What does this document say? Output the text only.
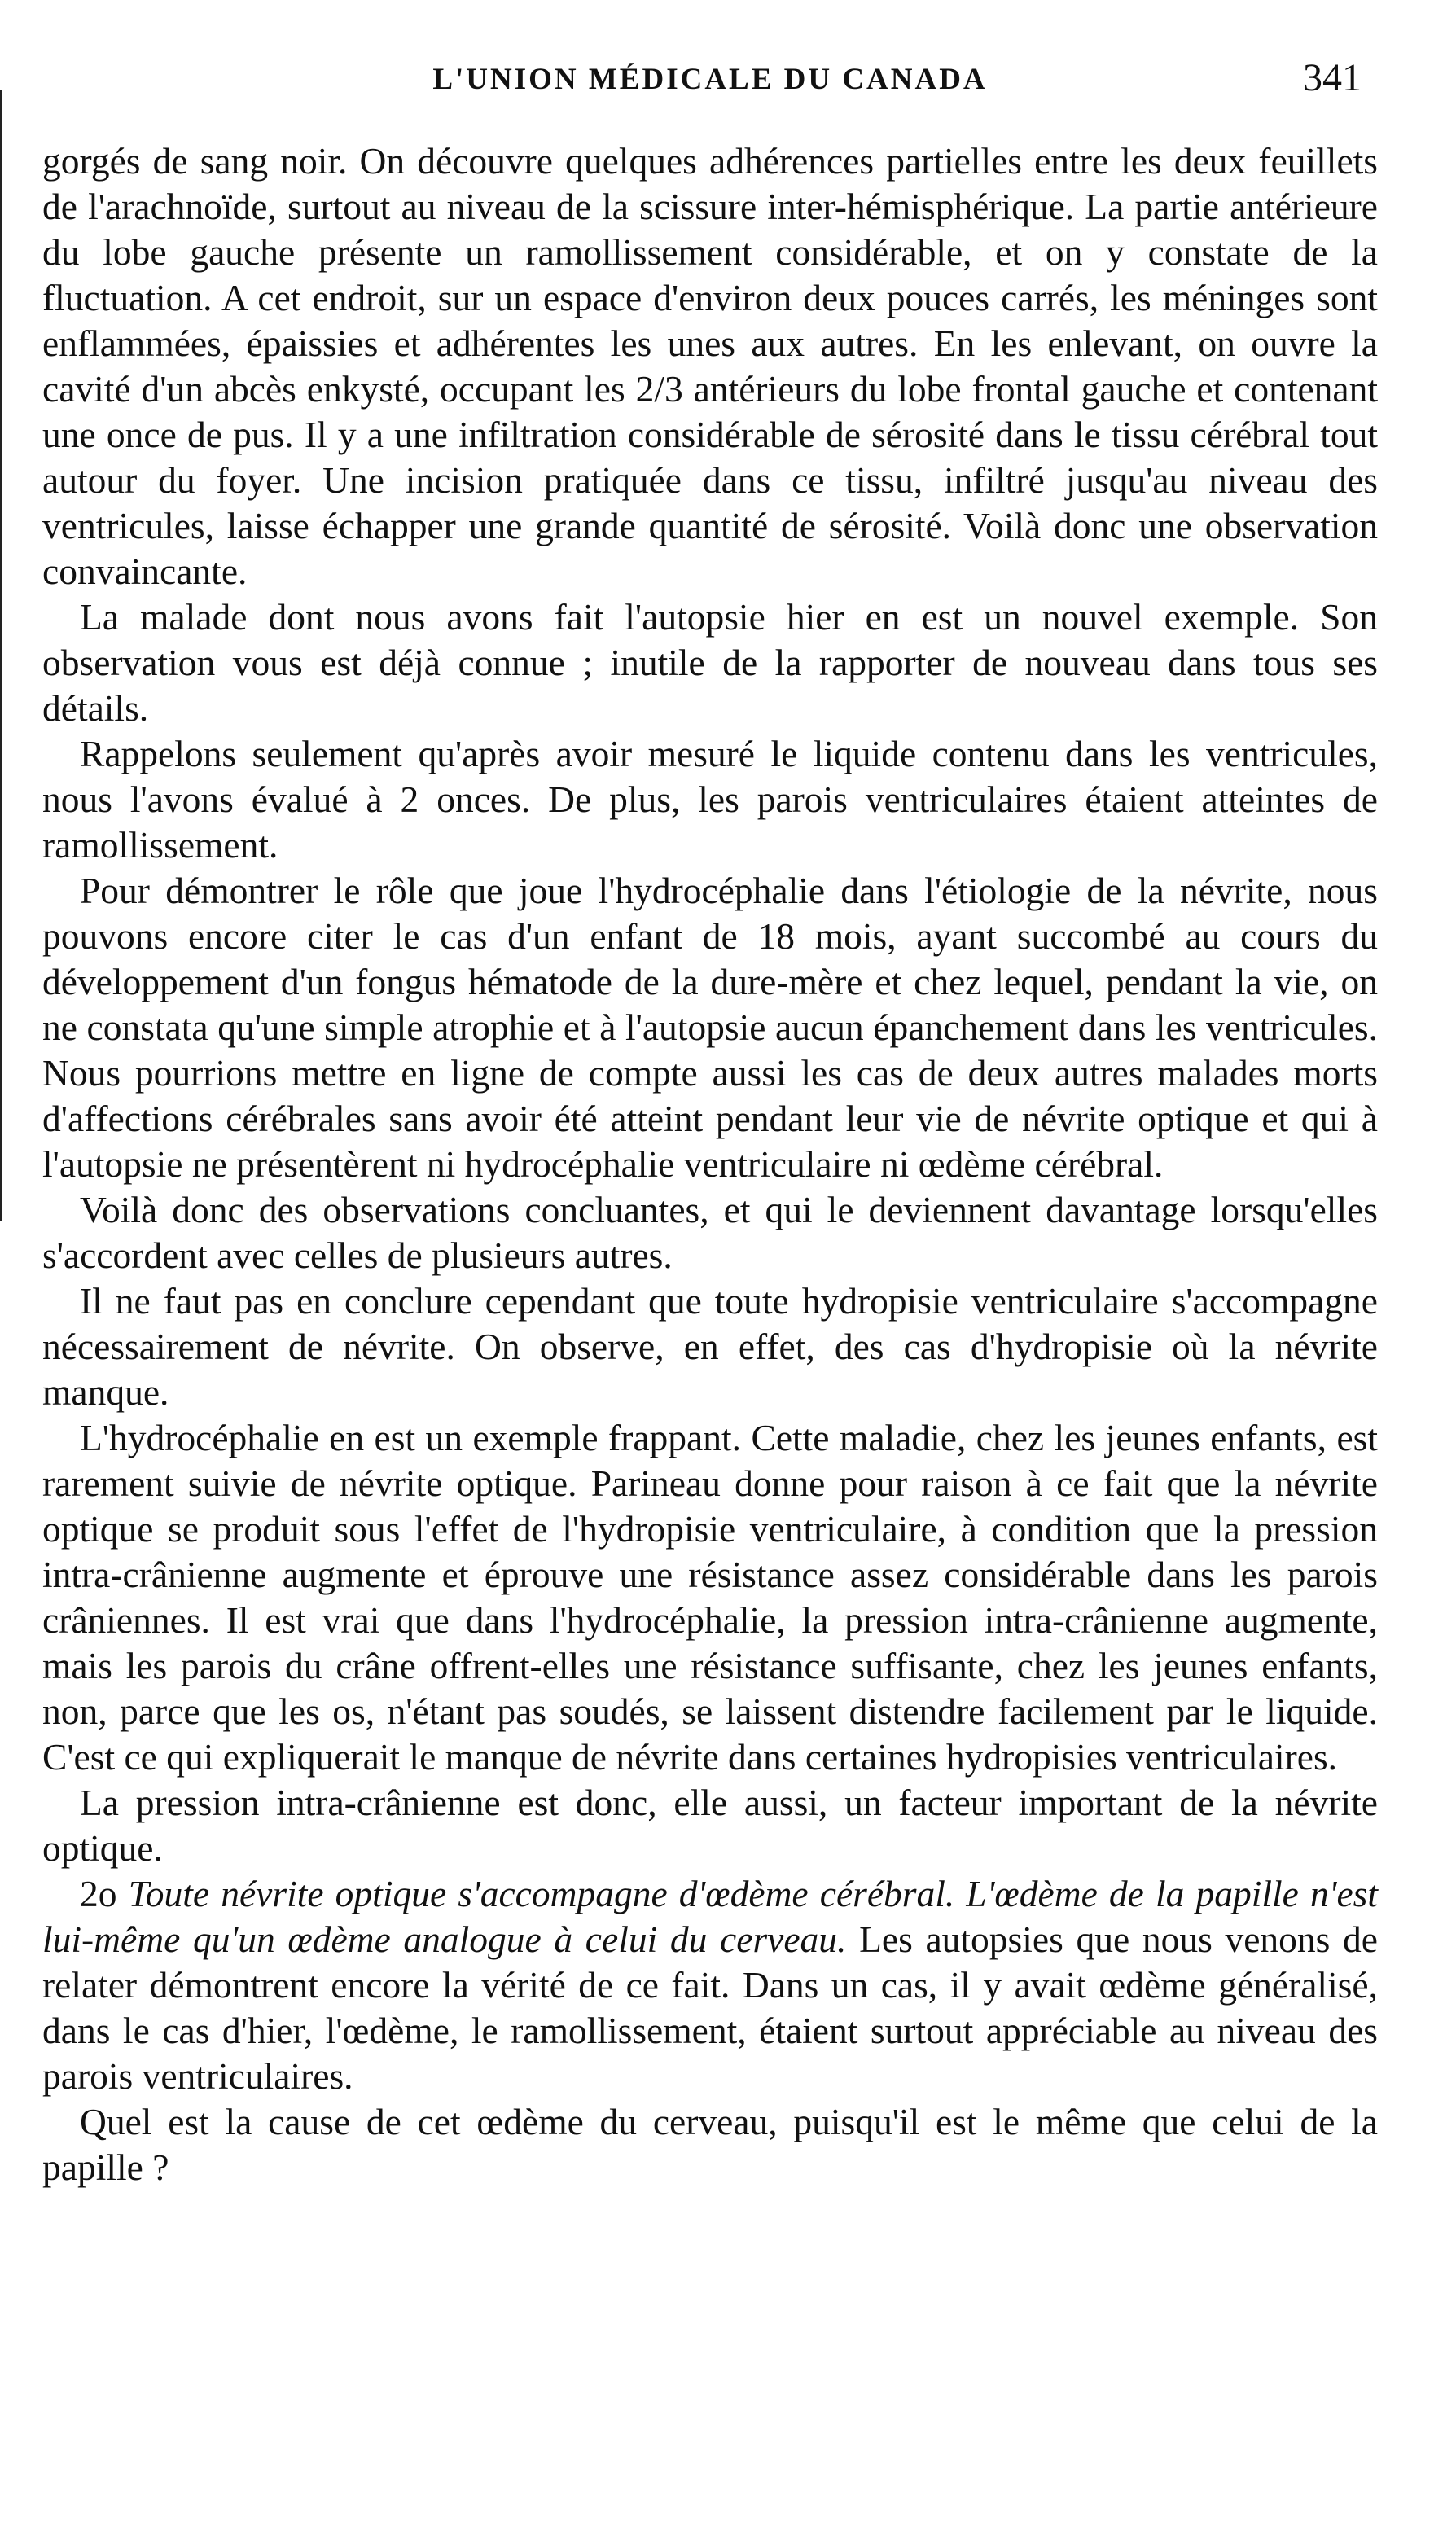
L'UNION MÉDICALE DU CANADA	341

gorgés de sang noir. On découvre quelques adhérences partielles entre les deux feuillets de l'arachnoïde, surtout au niveau de la scissure inter-hémisphérique. La partie antérieure du lobe gauche présente un ramollissement considérable, et on y constate de la fluctuation. A cet endroit, sur un espace d'environ deux pouces carrés, les méninges sont enflammées, épaissies et adhérentes les unes aux autres. En les enlevant, on ouvre la cavité d'un abcès enkysté, occupant les 2/3 antérieurs du lobe frontal gauche et contenant une once de pus. Il y a une infiltration considérable de sérosité dans le tissu cérébral tout autour du foyer. Une incision pratiquée dans ce tissu, infiltré jusqu'au niveau des ventricules, laisse échapper une grande quantité de sérosité. Voilà donc une observation convaincante.

La malade dont nous avons fait l'autopsie hier en est un nouvel exemple. Son observation vous est déjà connue ; inutile de la rapporter de nouveau dans tous ses détails.

Rappelons seulement qu'après avoir mesuré le liquide contenu dans les ventricules, nous l'avons évalué à 2 onces. De plus, les parois ventriculaires étaient atteintes de ramollissement.

Pour démontrer le rôle que joue l'hydrocéphalie dans l'étiologie de la névrite, nous pouvons encore citer le cas d'un enfant de 18 mois, ayant succombé au cours du développement d'un fongus hématode de la dure-mère et chez lequel, pendant la vie, on ne constata qu'une simple atrophie et à l'autopsie aucun épanchement dans les ventricules. Nous pourrions mettre en ligne de compte aussi les cas de deux autres malades morts d'affections cérébrales sans avoir été atteint pendant leur vie de névrite optique et qui à l'autopsie ne présentèrent ni hydrocéphalie ventriculaire ni œdème cérébral.

Voilà donc des observations concluantes, et qui le deviennent davantage lorsqu'elles s'accordent avec celles de plusieurs autres.

Il ne faut pas en conclure cependant que toute hydropisie ventriculaire s'accompagne nécessairement de névrite. On observe, en effet, des cas d'hydropisie où la névrite manque.

L'hydrocéphalie en est un exemple frappant. Cette maladie, chez les jeunes enfants, est rarement suivie de névrite optique. Parineau donne pour raison à ce fait que la névrite optique se produit sous l'effet de l'hydropisie ventriculaire, à condition que la pression intra-crânienne augmente et éprouve une résistance assez considérable dans les parois crâniennes. Il est vrai que dans l'hydrocéphalie, la pression intra-crânienne augmente, mais les parois du crâne offrent-elles une résistance suffisante, chez les jeunes enfants, non, parce que les os, n'étant pas soudés, se laissent distendre facilement par le liquide. C'est ce qui expliquerait le manque de névrite dans certaines hydropisies ventriculaires.

La pression intra-crânienne est donc, elle aussi, un facteur important de la névrite optique.

2o Toute névrite optique s'accompagne d'œdème cérébral. L'œdème de la papille n'est lui-même qu'un œdème analogue à celui du cerveau. Les autopsies que nous venons de relater démontrent encore la vérité de ce fait. Dans un cas, il y avait œdème généralisé, dans le cas d'hier, l'œdème, le ramollissement, étaient surtout appréciable au niveau des parois ventriculaires.

Quel est la cause de cet œdème du cerveau, puisqu'il est le même que celui de la papille ?
